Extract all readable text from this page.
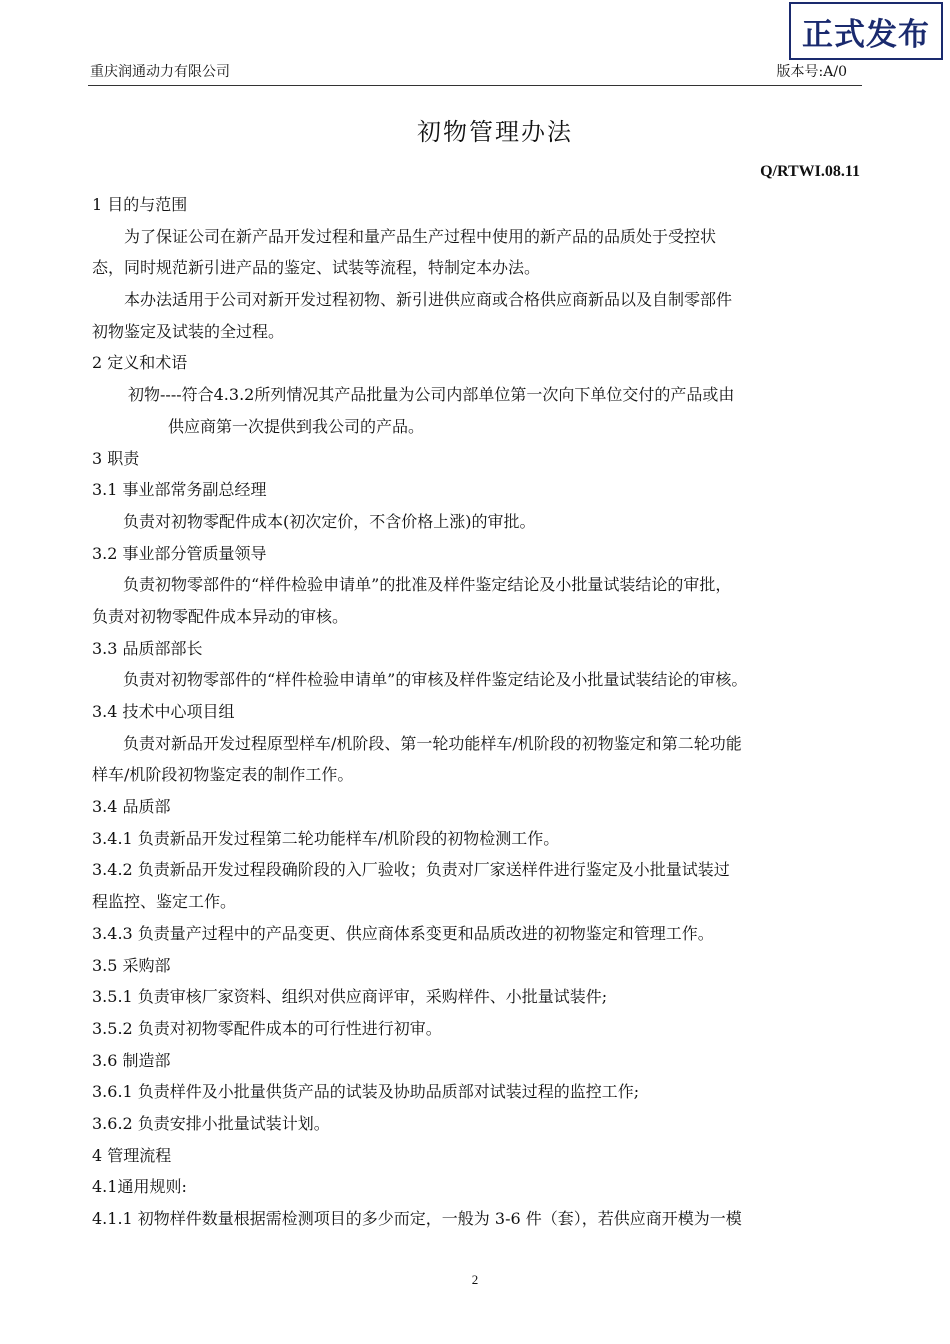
正式发布
重庆润通动力有限公司	版本号:A/0
初物管理办法
Q/RTWI.08.11
1 目的与范围
为了保证公司在新产品开发过程和量产品生产过程中使用的新产品的品质处于受控状
态，同时规范新引进产品的鉴定、试装等流程，特制定本办法。
本办法适用于公司对新开发过程初物、新引进供应商或合格供应商新品以及自制零部件
初物鉴定及试装的全过程。
2 定义和术语
初物----符合4.3.2所列情况其产品批量为公司内部单位第一次向下单位交付的产品或由
供应商第一次提供到我公司的产品。
3 职责
3.1 事业部常务副总经理
负责对初物零配件成本(初次定价，不含价格上涨)的审批。
3.2 事业部分管质量领导
负责初物零部件的“样件检验申请单”的批准及样件鉴定结论及小批量试装结论的审批，
负责对初物零配件成本异动的审核。
3.3 品质部部长
负责对初物零部件的“样件检验申请单”的审核及样件鉴定结论及小批量试装结论的审核。
3.4 技术中心项目组
负责对新品开发过程原型样车/机阶段、第一轮功能样车/机阶段的初物鉴定和第二轮功能
样车/机阶段初物鉴定表的制作工作。
3.4 品质部
3.4.1 负责新品开发过程第二轮功能样车/机阶段的初物检测工作。
3.4.2 负责新品开发过程段确阶段的入厂验收；负责对厂家送样件进行鉴定及小批量试装过
程监控、鉴定工作。
3.4.3 负责量产过程中的产品变更、供应商体系变更和品质改进的初物鉴定和管理工作。
3.5 采购部
3.5.1 负责审核厂家资料、组织对供应商评审，采购样件、小批量试装件;
3.5.2 负责对初物零配件成本的可行性进行初审。
3.6 制造部
3.6.1 负责样件及小批量供货产品的试装及协助品质部对试装过程的监控工作;
3.6.2 负责安排小批量试装计划。
4 管理流程
4.1通用规则:
4.1.1 初物样件数量根据需检测项目的多少而定，一般为 3-6 件（套），若供应商开模为一模
2
